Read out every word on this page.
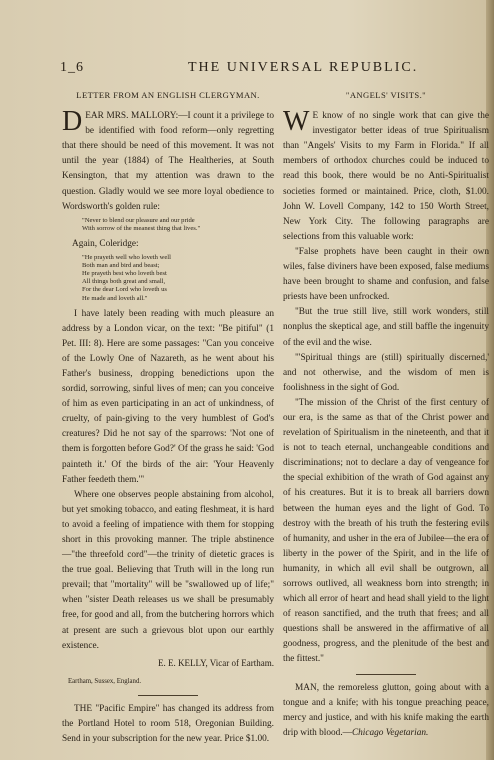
1_6	THE UNIVERSAL REPUBLIC.
LETTER FROM AN ENGLISH CLERGYMAN.

DEAR MRS. MALLORY:—I count it a privilege to be identified with food reform—only regretting that there should be need of this movement. It was not until the year (1884) of The Healtheries, at South Kensington, that my attention was drawn to the question. Gladly would we see more loyal obedience to Wordsworth's golden rule:

"Never to blend our pleasure and our pride
With sorrow of the meanest thing that lives."

Again, Coleridge:

"He prayeth well who loveth well
Both man and bird and beast;
He prayeth best who loveth best
All things both great and small,
For the dear Lord who loveth us
He made and loveth all."

I have lately been reading with much pleasure an address by a London vicar, on the text: "Be pitiful" (1 Pet. III: 8). Here are some passages: "Can you conceive of the Lowly One of Nazareth, as he went about his Father's business, dropping benedictions upon the sordid, sorrowing, sinful lives of men; can you conceive of him as even participating in an act of unkindness, of cruelty, of pain-giving to the very humblest of God's creatures? Did he not say of the sparrows: 'Not one of them is forgotten before God?' Of the grass he said: 'God painteth it.' Of the birds of the air: 'Your Heavenly Father feedeth them.'"

Where one observes people abstaining from alcohol, but yet smoking tobacco, and eating fleshmeat, it is hard to avoid a feeling of impatience with them for stopping short in this provoking manner. The triple abstinence—"the threefold cord"—the trinity of dietetic graces is the true goal. Believing that Truth will in the long run prevail; that "mortality" will be "swallowed up of life;" when "sister Death releases us we shall be presumably free, for good and all, from the butchering horrors which at present are such a grievous blot upon our earthly existence.

E. E. KELLY, Vicar of Eartham.
Eartham, Sussex, England.

THE "Pacific Empire" has changed its address from the Portland Hotel to room 518, Oregonian Building. Send in your subscription for the new year. Price $1.00.

"ANGELS' VISITS."

W E know of no single work that can give the investigator better ideas of true Spiritualism than "Angels' Visits to my Farm in Florida." If all members of orthodox churches could be induced to read this book, there would be no Anti-Spiritualist societies formed or maintained. Price, cloth, $1.00. John W. Lovell Company, 142 to 150 Worth Street, New York City. The following paragraphs are selections from this valuable work:

"False prophets have been caught in their own wiles, false diviners have been exposed, false mediums have been brought to shame and confusion, and false priests have been unfrocked.

"But the true still live, still work wonders, still nonplus the skeptical age, and still baffle the ingenuity of the evil and the wise.

"'Spiritual things are (still) spiritually discerned,' and not otherwise, and the wisdom of men is foolishness in the sight of God.

"The mission of the Christ of the first century of our era, is the same as that of the Christ power and revelation of Spiritualism in the nineteenth, and that it is not to teach eternal, unchangeable conditions and discriminations; not to declare a day of vengeance for the special exhibition of the wrath of God against any of his creatures. But it is to break all barriers down between the human eyes and the light of God. To destroy with the breath of his truth the festering evils of humanity, and usher in the era of Jubilee—the era of liberty in the power of the Spirit, and in the life of humanity, in which all evil shall be outgrown, all sorrows outlived, all weakness born into strength; in which all error of heart and head shall yield to the light of reason sanctified, and the truth that frees; and all questions shall be answered in the affirmative of all goodness, progress, and the plenitude of the best and the fittest."

MAN, the remoreless glutton, going about with a tongue and a knife; with his tongue preaching peace, mercy and justice, and with his knife making the earth drip with blood.—Chicago Vegetarian.
